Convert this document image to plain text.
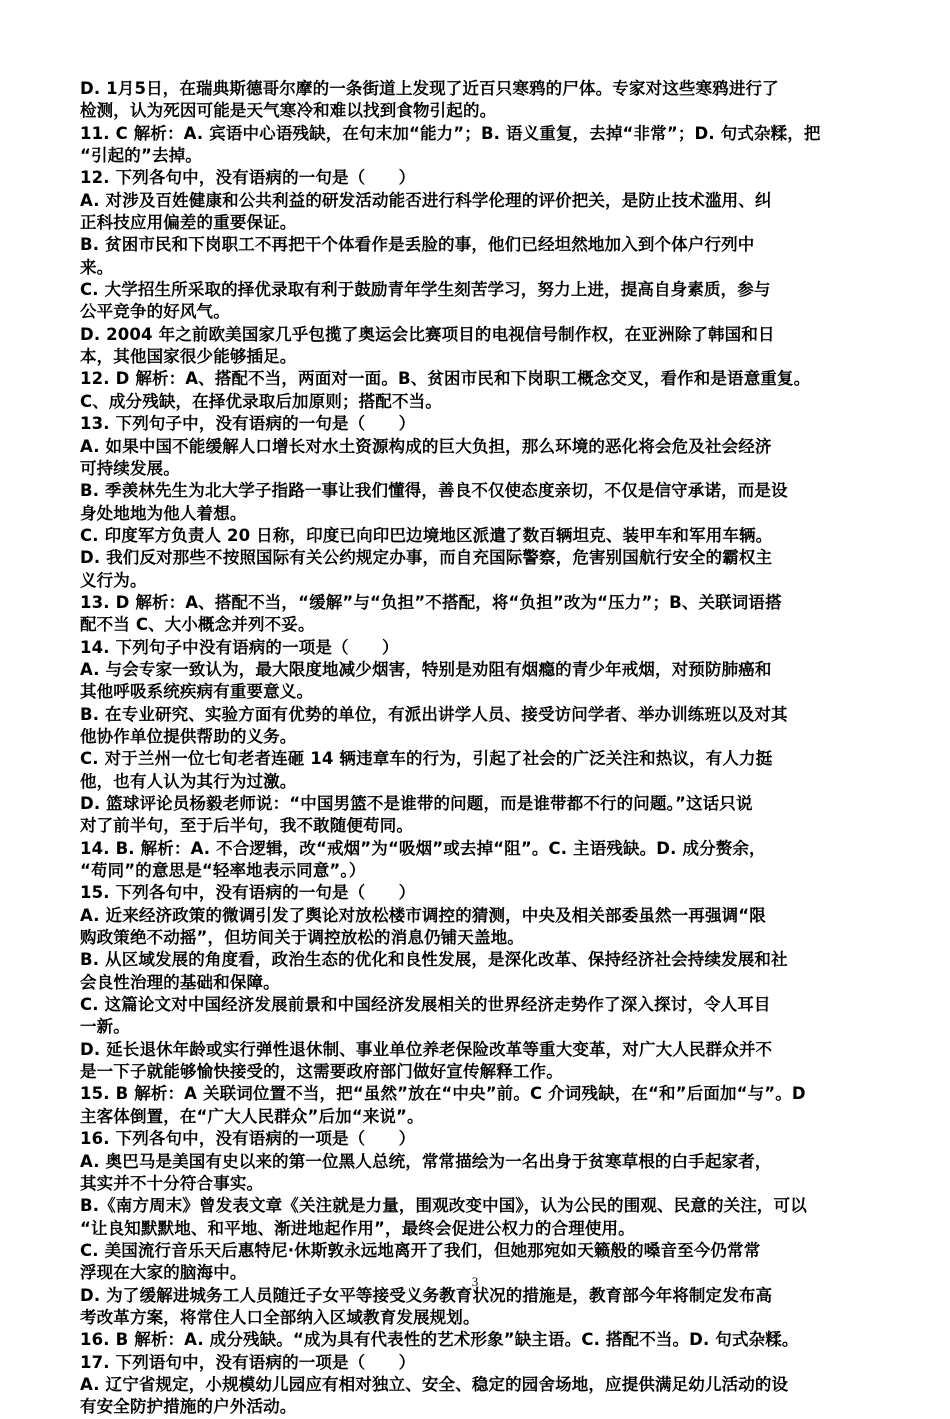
D. 1月5日，在瑞典斯德哥尔摩的一条街道上发现了近百只寒鸦的尸体。专家对这些寒鸦进行了
检测，认为死因可能是天气寒冷和难以找到食物引起的。
11. C 解析：A. 宾语中心语残缺，在句末加“能力”；B. 语义重复，去掉“非常”；D. 句式杂糅，把
“引起的”去掉。
12. 下列各句中，没有语病的一句是（　　）
A. 对涉及百姓健康和公共利益的研发活动能否进行科学伦理的评价把关，是防止技术滥用、纠
正科技应用偏差的重要保证。
B. 贫困市民和下岗职工不再把干个体看作是丢脸的事，他们已经坦然地加入到个体户行列中
来。
C. 大学招生所采取的择优录取有利于鼓励青年学生刻苦学习，努力上进，提高自身素质，参与
公平竞争的好风气。
D. 2004 年之前欧美国家几乎包揽了奥运会比赛项目的电视信号制作权，在亚洲除了韩国和日
本，其他国家很少能够插足。
12. D 解析：A、搭配不当，两面对一面。B、贫困市民和下岗职工概念交叉，看作和是语意重复。
C、成分残缺，在择优录取后加原则；搭配不当。
13. 下列句子中，没有语病的一句是（　　）
A. 如果中国不能缓解人口增长对水土资源构成的巨大负担，那么环境的恶化将会危及社会经济
可持续发展。
B. 季羡林先生为北大学子指路一事让我们懂得，善良不仅使态度亲切，不仅是信守承诺，而是设
身处地地为他人着想。
C. 印度军方负责人 20 日称，印度已向印巴边境地区派遣了数百辆坦克、装甲车和军用车辆。
D. 我们反对那些不按照国际有关公约规定办事，而自充国际警察，危害别国航行安全的霸权主
义行为。
13. D 解析：A、搭配不当，“缓解”与“负担”不搭配，将“负担”改为“压力”；B、关联词语搭
配不当 C、大小概念并列不妥。
14. 下列句子中没有语病的一项是（　　）
A. 与会专家一致认为，最大限度地减少烟害，特别是劝阻有烟瘾的青少年戒烟，对预防肺癌和
其他呼吸系统疾病有重要意义。
B. 在专业研究、实验方面有优势的单位，有派出讲学人员、接受访问学者、举办训练班以及对其
他协作单位提供帮助的义务。
C. 对于兰州一位七旬老者连砸 14 辆违章车的行为，引起了社会的广泛关注和热议，有人力挺
他，也有人认为其行为过激。
D. 篮球评论员杨毅老师说：“中国男篮不是谁带的问题，而是谁带都不行的问题。”这话只说
对了前半句，至于后半句，我不敢随便苟同。
14. B. 解析：A. 不合逻辑，改“戒烟”为“吸烟”或去掉“阻”。C. 主语残缺。D. 成分赘余，
“苟同”的意思是“轻率地表示同意”。）
15. 下列各句中，没有语病的一句是（　　）
A. 近来经济政策的微调引发了舆论对放松楼市调控的猜测，中央及相关部委虽然一再强调“限
购政策绝不动摇”，但坊间关于调控放松的消息仍铺天盖地。
B. 从区域发展的角度看，政治生态的优化和良性发展，是深化改革、保持经济社会持续发展和社
会良性治理的基础和保障。
C. 这篇论文对中国经济发展前景和中国经济发展相关的世界经济走势作了深入探讨，令人耳目
一新。
D. 延长退休年龄或实行弹性退休制、事业单位养老保险改革等重大变革，对广大人民群众并不
是一下子就能够愉快接受的，这需要政府部门做好宣传解释工作。
15. B 解析：A 关联词位置不当，把“虽然”放在“中央”前。C 介词残缺，在“和”后面加“与”。D
主客体倒置，在“广大人民群众”后加“来说”。
16. 下列各句中，没有语病的一项是（　　）
A. 奥巴马是美国有史以来的第一位黑人总统，常常描绘为一名出身于贫寒草根的白手起家者，
其实并不十分符合事实。
B.《南方周末》曾发表文章《关注就是力量，围观改变中国》，认为公民的围观、民意的关注，可以
“让良知默默地、和平地、渐进地起作用”，最终会促进公权力的合理使用。
C. 美国流行音乐天后惠特尼·休斯敦永远地离开了我们，但她那宛如天籁般的嗓音至今仍常常
浮现在大家的脑海中。
D. 为了缓解进城务工人员随迁子女平等接受义务教育状况的措施是，教育部今年将制定发布高
考改革方案，将常住人口全部纳入区域教育发展规划。
16. B 解析：A. 成分残缺。“成为具有代表性的艺术形象”缺主语。C. 搭配不当。D. 句式杂糅。
17. 下列语句中，没有语病的一项是（　　）
A. 辽宁省规定，小规模幼儿园应有相对独立、安全、稳定的园舍场地，应提供满足幼儿活动的设
有安全防护措施的户外活动。
3
